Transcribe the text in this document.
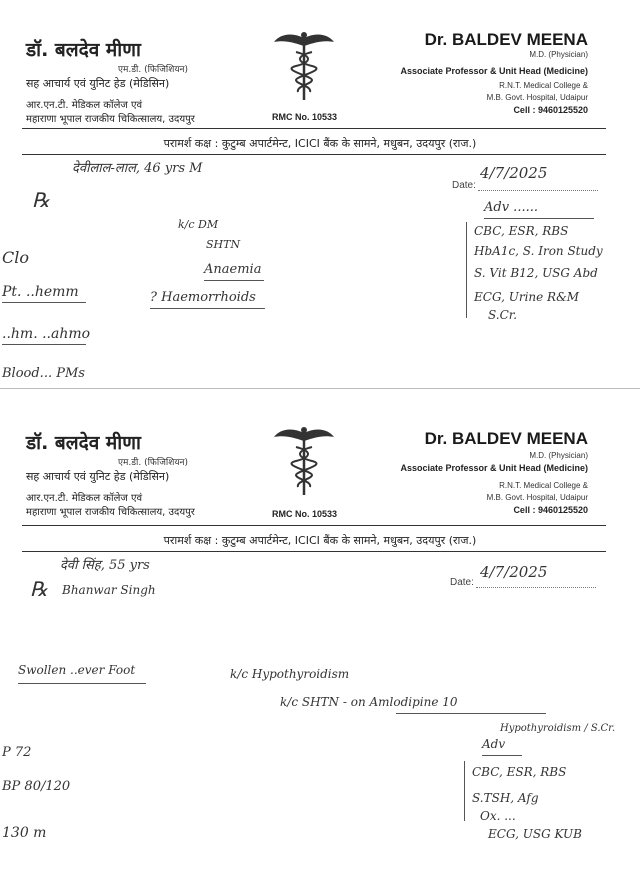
डॉ. बलदेव मीणा
एम.डी. (फिजिशियन)
सह आचार्य एवं युनिट हेड (मेडिसिन)
आर.एन.टी. मेडिकल कॉलेज एवं
महाराणा भूपाल राजकीय चिकित्सालय, उदयपुर
Dr. BALDEV MEENA
M.D. (Physician)
Associate Professor & Unit Head (Medicine)
R.N.T. Medical College &
M.B. Govt. Hospital, Udaipur
Cell : 9460125520
RMC No. 10533
परामर्श कक्ष : कुटुम्ब अपार्टमेन्ट, ICICI बैंक के सामने, मधुबन, उदयपुर (राज.)
देवीलाल-लाल, 46 yrs M
Date:
4/7/2025
℞
k/c DM
SHTN
Anaemia
? Haemorrhoids
Clo
Pt. ..hemm
..hm. ..ahmo
Blood... PMs
Adv ......
CBC, ESR, RBS
HbA1c, S. Iron Study
S. Vit B12, USG Abd
ECG, Urine R&M
S.Cr.
डॉ. बलदेव मीणा
एम.डी. (फिजिशियन)
सह आचार्य एवं युनिट हेड (मेडिसिन)
आर.एन.टी. मेडिकल कॉलेज एवं
महाराणा भूपाल राजकीय चिकित्सालय, उदयपुर
Dr. BALDEV MEENA
M.D. (Physician)
Associate Professor & Unit Head (Medicine)
R.N.T. Medical College &
M.B. Govt. Hospital, Udaipur
Cell : 9460125520
RMC No. 10533
परामर्श कक्ष : कुटुम्ब अपार्टमेन्ट, ICICI बैंक के सामने, मधुबन, उदयपुर (राज.)
देवी सिंह, 55 yrs
Bhanwar Singh
℞	Date:
4/7/2025
Swollen ..ever Foot	k/c Hypothyroidism
k/c SHTN - on Amlodipine 10
P 72
BP 80/120
130 m
Adv
Hypothyroidism / S.Cr.
CBC, ESR, RBS
S.TSH, Afg
Ox. ...
ECG, USG KUB
